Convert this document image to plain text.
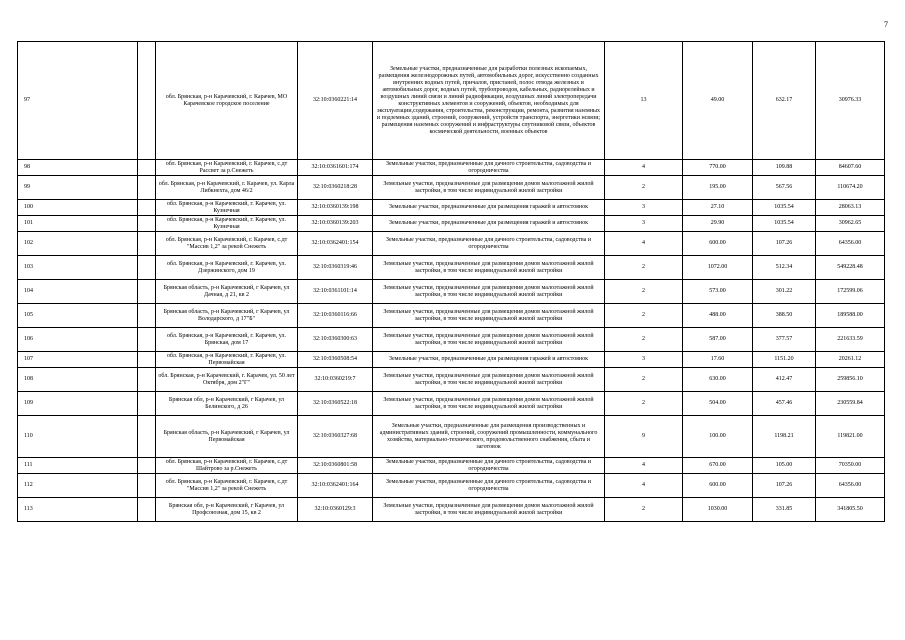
7
97		обл. Брянская, р-н Карачевский, г. Карачев, МО Карачевское городское поселение	32:10:0360221:14	Земельные участки, предназначенные для разработки полезных ископаемых, размещения железнодорожных путей, автомобильных дорог, искусственно созданных внутренних водных путей, причалов, пристаней, полос отвода железных и автомобильных дорог, водных путей, трубопроводов, кабельных, радиорелейных и воздушных линий связи и линий радиофикации, воздушных линий электропередачи конструктивных элементов и сооружений, объектов, необходимых для эксплуатации,содержания, строительства, реконструкции, ремонта, развития наземных и подземных зданий, строений, сооружений, устройств транспорта, энергетики нсвязи; размещения наземных сооружений и инфраструктуры спутниковой связи, объектов космической деятельности, военных объектов	13	49.00	632.17	30976.33
98		обл. Брянская, р-н Карачевский, г. Карачев, с.дт Рассвет за р.Снежеть	32:10:0361601:174	Земельные участки, предназначенные для дачного строительства, садоводства и огородничества	4	770.00	109.88	84607.60
99		обл. Брянская, р-н Карачевский, г. Карачев, ул. Карла Либкнехта, дом 46/2	32:10:0360218:28	Земельные участки, предназначенные для размещения домов малоэтажной жилой застройки, в том числе индивидуальной жилой застройки	2	195.00	567.56	110674.20
100		обл. Брянская, р-н Карачевский, г. Карачев, ул. Кузнечная	32:10:0360139:198	Земельные участки, предназначенные для размещения гаражей и автостоянок	3	27.10	1035.54	28063.13
101		обл. Брянская, р-н Карачевский, г. Карачев, ул. Кузнечная	32:10:0360139:203	Земельные участки, предназначенные для размещения гаражей и автостоянок	3	29.90	1035.54	30962.65
102		обл. Брянская, р-н Карачевский, г. Карачев, с.дт "Массив 1,2" за рекой Снежеть	32:10:0362401:154	Земельные участки, предназначенные для дачного строительства, садоводства и огородничества	4	600.00	107.26	64356.00
103		обл. Брянская, р-н Карачевский, г. Карачев, ул. Дзержинского, дом 19	32:10:0360319:46	Земельные участки, предназначенные для размещения домов малоэтажной жилой застройки, в том числе индивидуальной жилой застройки	2	1072.00	512.34	549228.48
104		Брянская область, р-н Карачевский, г Карачев, ул Дачная, д 21, кв 2	32:10:0361101:14	Земельные участки, предназначенные для размещения домов малоэтажной жилой застройки, в том числе индивидуальной жилой застройки	2	573.00	301.22	172599.06
105		Брянская область, р-н Карачевский, г Карачев, ул Володарского, д 17"Б"	32:10:0360116:66	Земельные участки, предназначенные для размещения домов малоэтажной жилой застройки, в том числе индивидуальной жилой застройки	2	488.00	388.50	189588.00
106		обл. Брянская, р-н Карачевский, г. Карачев, ул. Брянская, дом 17	32:10:0360300:63	Земельные участки, предназначенные для размещения домов малоэтажной жилой застройки, в том числе индивидуальной жилой застройки	2	587.00	377.57	221633.59
107		обл. Брянская, р-н Карачевский, г. Карачев, ул. Первомайская	32:10:0360508:54	Земельные участки, предназначенные для размещения гаражей и автостоянок	3	17.60	1151.20	20261.12
108		обл. Брянская, р-н Карачевский, г. Карачев, ул. 50 лет Октября, дом 2"Г"	32:10:0360219:7	Земельные участки, предназначенные для размещения домов малоэтажной жилой застройки, в том числе индивидуальной жилой застройки	2	630.00	412.47	259856.10
109		Брянская обл, р-н Карачевский, г Карачев, ул Белинского, д 26	32:10:0360522:18	Земельные участки, предназначенные для размещения домов малоэтажной жилой застройки, в том числе индивидуальной жилой застройки	2	504.00	457.46	230559.84
110		Брянская область, р-н Карачевский, г Карачев, ул Первомайская	32:10:0360327:68	Земельные участки, предназначенные для размещения производственных и административных зданий, строений, сооружений промышленности, коммунального хозяйства, материально-технического, продовольственного снабжения, сбыта и заготовок	9	100.00	1198.21	119821.00
111		обл. Брянская, р-н Карачевский, г. Карачев, с.дт Шайтрово за р.Снежеть	32:10:0360801:58	Земельные участки, предназначенные для дачного строительства, садоводства и огородничества	4	670.00	105.00	70350.00
112		обл. Брянская, р-н Карачевский, г. Карачев, с.дт "Массив 1,2" за рекой Снежеть	32:10:0362401:164	Земельные участки, предназначенные для дачного строительства, садоводства и огородничества	4	600.00	107.26	64356.00
113		Брянская обл, р-н Карачевский, г Карачев, ул Профсоюзная, дом 15, кв 2	32:10:0360129:3	Земельные участки, предназначенные для размещения домов малоэтажной жилой застройки, в том числе индивидуальной жилой застройки	2	1030.00	331.85	341805.50
